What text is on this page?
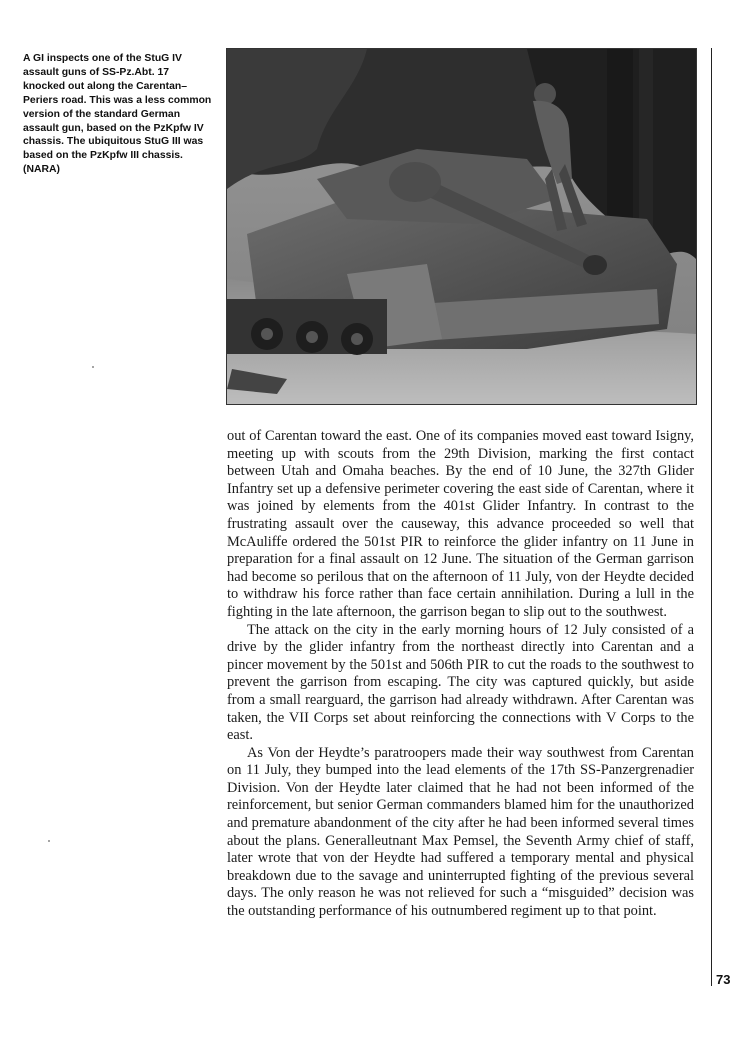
A GI inspects one of the StuG IV assault guns of SS-Pz.Abt. 17 knocked out along the Carentan–Periers road. This was a less common version of the standard German assault gun, based on the PzKpfw IV chassis. The ubiquitous StuG III was based on the PzKpfw III chassis. (NARA)

out of Carentan toward the east. One of its companies moved east toward Isigny, meeting up with scouts from the 29th Division, marking the first contact between Utah and Omaha beaches. By the end of 10 June, the 327th Glider Infantry set up a defensive perimeter covering the east side of Carentan, where it was joined by elements from the 401st Glider Infantry. In contrast to the frustrating assault over the causeway, this advance proceeded so well that McAuliffe ordered the 501st PIR to reinforce the glider infantry on 11 June in preparation for a final assault on 12 June. The situation of the German garrison had become so perilous that on the afternoon of 11 July, von der Heydte decided to withdraw his force rather than face certain annihilation. During a lull in the fighting in the late afternoon, the garrison began to slip out to the southwest.

The attack on the city in the early morning hours of 12 July consisted of a drive by the glider infantry from the northeast directly into Carentan and a pincer movement by the 501st and 506th PIR to cut the roads to the southwest to prevent the garrison from escaping. The city was captured quickly, but aside from a small rearguard, the garrison had already withdrawn. After Carentan was taken, the VII Corps set about reinforcing the connections with V Corps to the east.

As Von der Heydte’s paratroopers made their way southwest from Carentan on 11 July, they bumped into the lead elements of the 17th SS-Panzergrenadier Division. Von der Heydte later claimed that he had not been informed of the reinforcement, but senior German commanders blamed him for the unauthorized and premature abandonment of the city after he had been informed several times about the plans. Generalleutnant Max Pemsel, the Seventh Army chief of staff, later wrote that von der Heydte had suffered a temporary mental and physical breakdown due to the savage and uninterrupted fighting of the previous several days. The only reason he was not relieved for such a “misguided” decision was the outstanding performance of his outnumbered regiment up to that point.

73
